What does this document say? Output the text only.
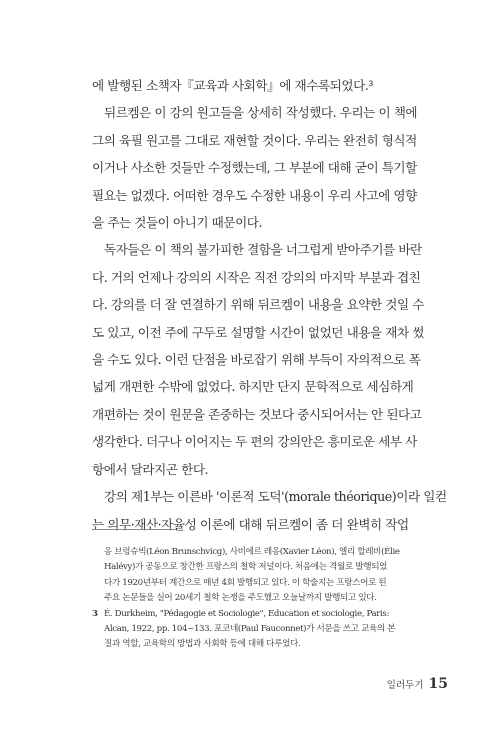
에 발행된 소책자『교육과 사회학』에 재수록되었다.³
뒤르켐은 이 강의 원고들을 상세히 작성했다. 우리는 이 책에
그의 육필 원고를 그대로 재현할 것이다. 우리는 완전히 형식적
이거나 사소한 것들만 수정했는데, 그 부분에 대해 굳이 특기할
필요는 없겠다. 어떠한 경우도 수정한 내용이 우리 사고에 영향
을 주는 것들이 아니기 때문이다.
독자들은 이 책의 불가피한 결함을 너그럽게 받아주기를 바란
다. 거의 언제나 강의의 시작은 직전 강의의 마지막 부분과 겹친
다. 강의를 더 잘 연결하기 위해 뒤르켐이 내용을 요약한 것일 수
도 있고, 이전 주에 구두로 설명할 시간이 없었던 내용을 재차 썼
을 수도 있다. 이런 단점을 바로잡기 위해 부득이 자의적으로 폭
넓게 개편한 수밖에 없었다. 하지만 단지 문학적으로 세심하게
개편하는 것이 원문을 존중하는 것보다 중시되어서는 안 된다고
생각한다. 더구나 이어지는 두 편의 강의안은 흥미로운 세부 사
항에서 달라지곤 한다.
강의 제1부는 이른바 '이론적 도덕'(morale théorique)이라 일컫
는 의무·재산·자율성 이론에 대해 뒤르켐이 좀 더 완벽히 작업
옹 브렁슈빅(Léon Brunschvicg), 사비에르 레옹(Xavier Léon), 엘리 할레비(Élie
Halévy)가 공동으로 창간한 프랑스의 철학 저널이다. 처음에는 격월로 발행되었
다가 1920년부터 계간으로 매년 4회 발행되고 있다. 이 학술지는 프랑스어로 된
주요 논문들을 실어 20세기 철학 논쟁을 주도했고 오늘날까지 발행되고 있다.
3 É. Durkheim, "Pédagogie et Sociologie", Education et sociologie, Paris:
Alcan, 1922, pp. 104~133. 포코네(Paul Fauconnet)가 서문을 쓰고 교육의 본
질과 역할, 교육학의 방법과 사회학 등에 대해 다루었다.
일러두기 15
